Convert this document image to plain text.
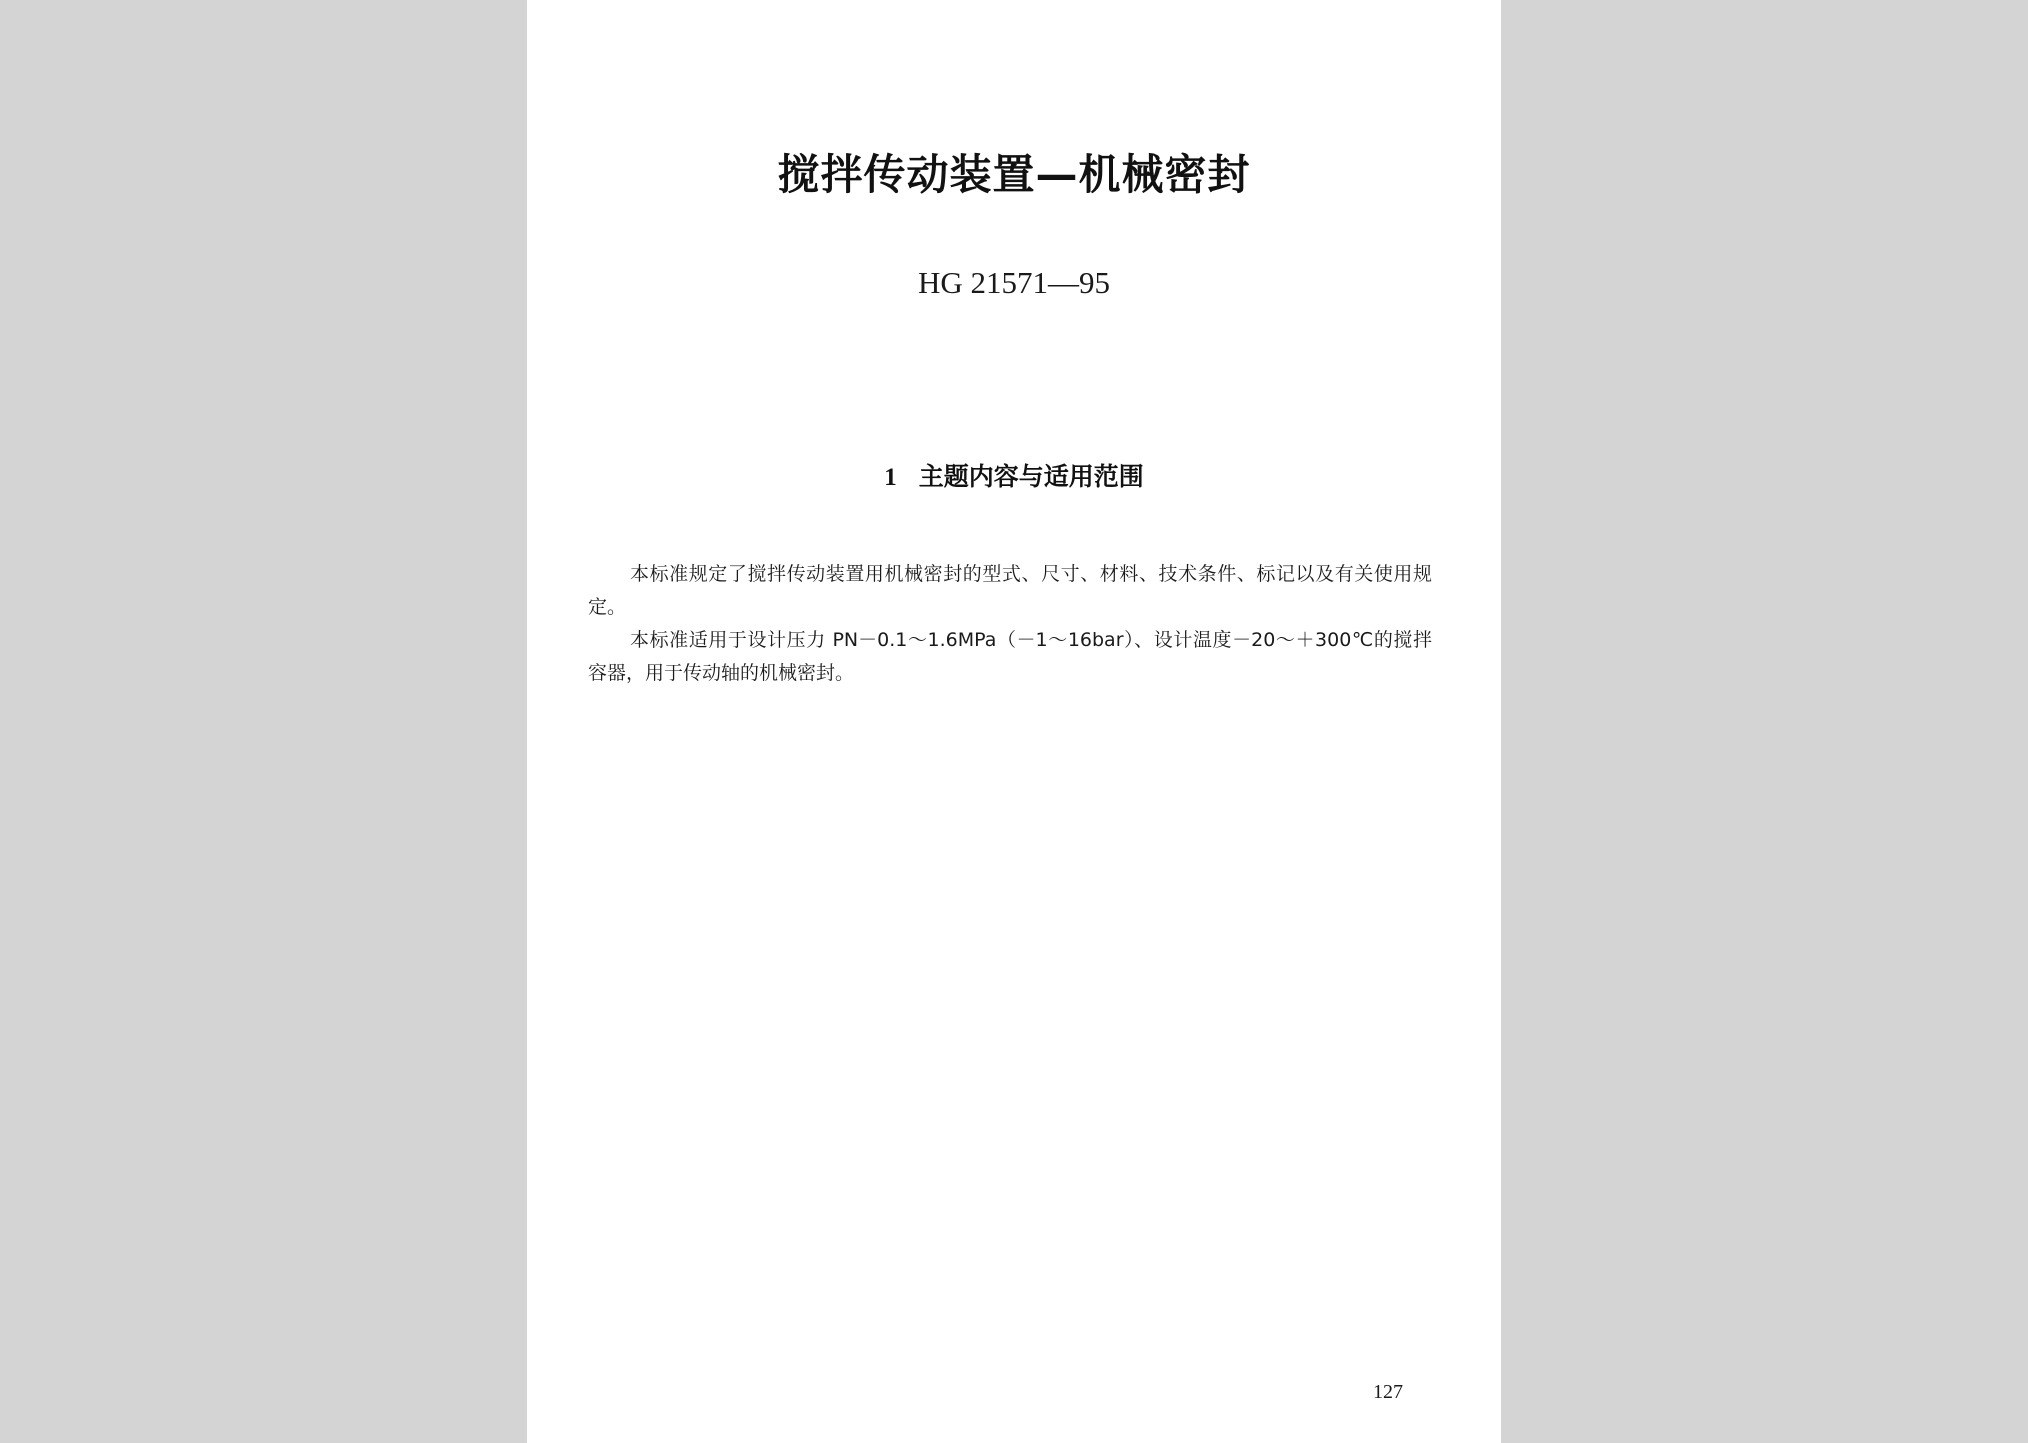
搅拌传动装置—机械密封
HG 21571—95
1 主题内容与适用范围

本标准规定了搅拌传动装置用机械密封的型式、尺寸、材料、技术条件、标记以及有关使用规定。

本标准适用于设计压力 PN－0.1～1.6MPa（－1～16bar）、设计温度－20～＋300℃的搅拌容器，用于传动轴的机械密封。

127
